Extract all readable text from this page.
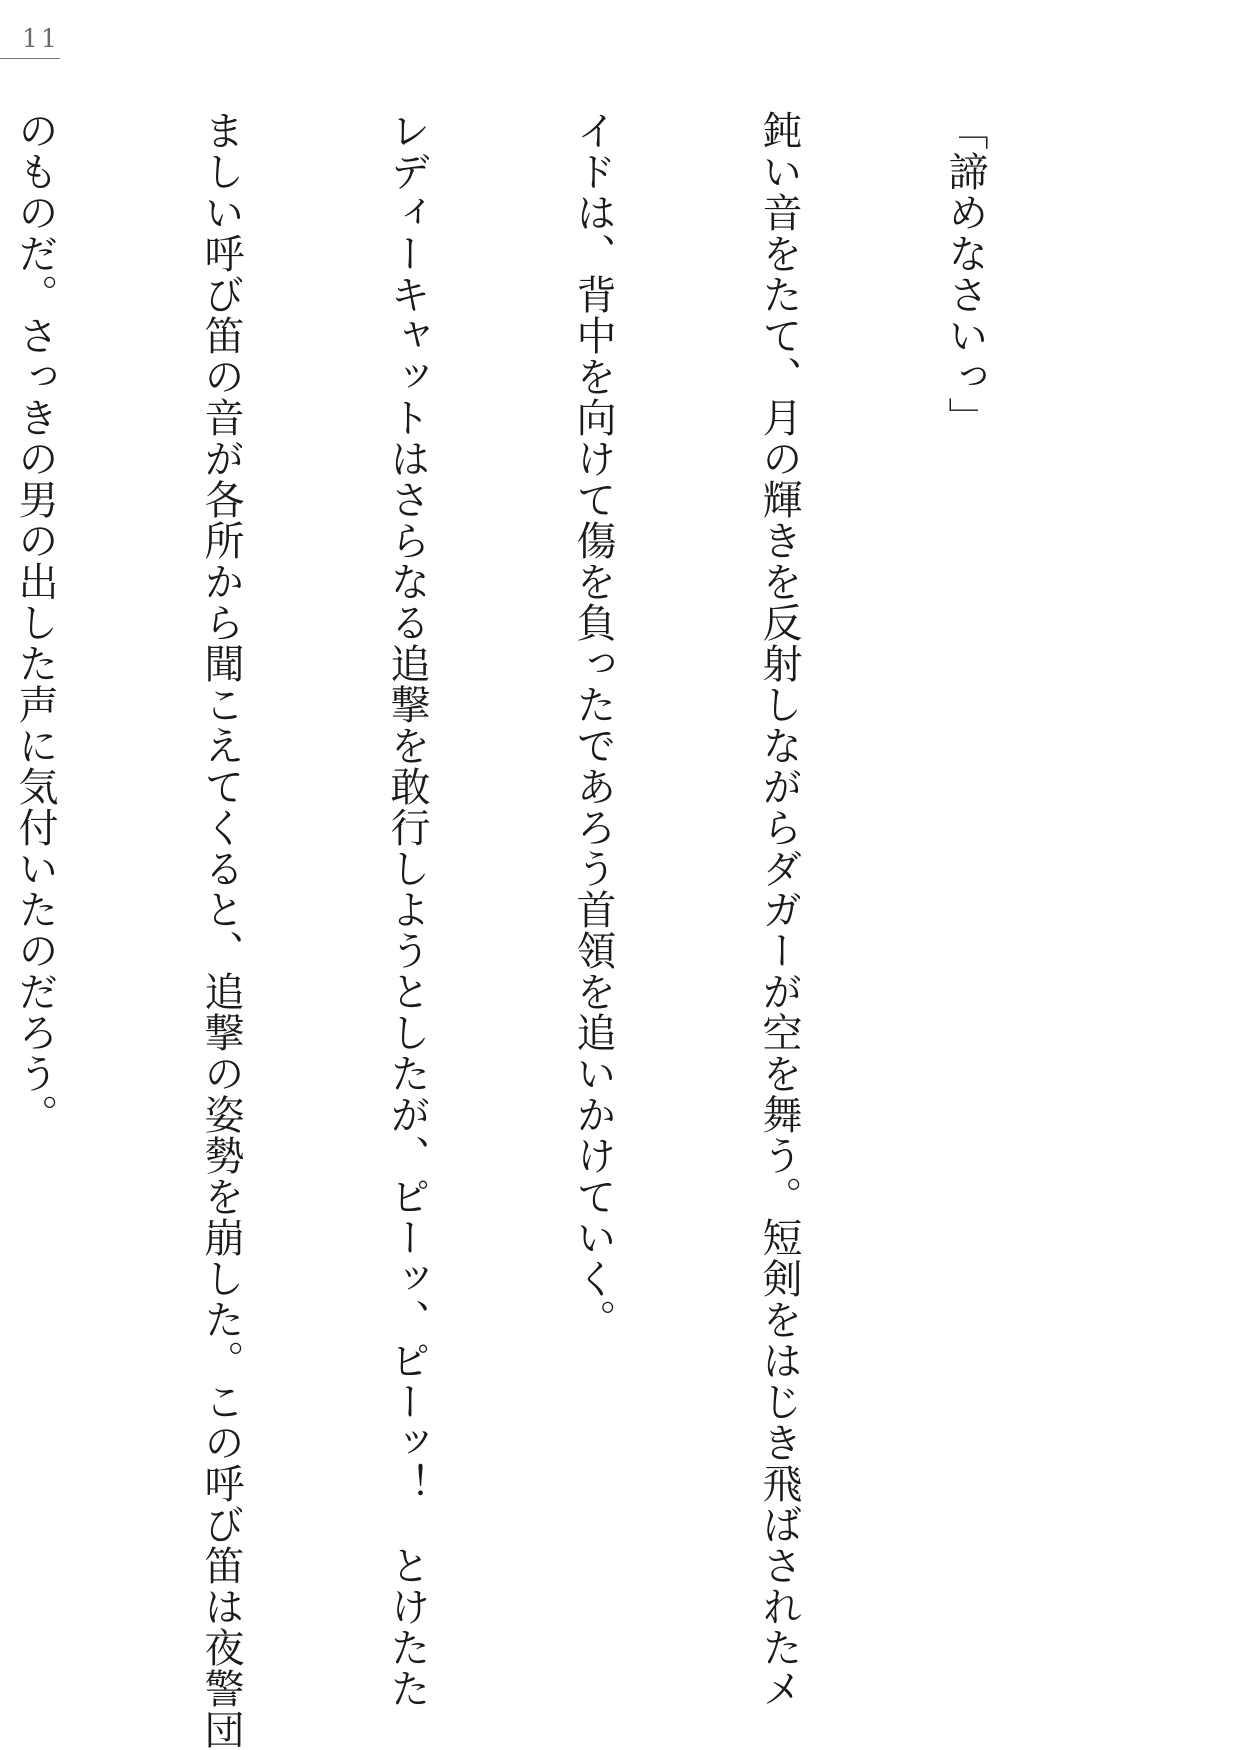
11

「諦めなさいっ」

鈍い音をたて、月の輝きを反射しながらダガーが空を舞う。短剣をはじき飛ばされたメ

イドは、背中を向けて傷を負ったであろう首領を追いかけていく。

レディーキャットはさらなる追撃を敢行しようとしたが、ピーッ、ピーッ！　とけたた

ましい呼び笛の音が各所から聞こえてくると、追撃の姿勢を崩した。この呼び笛は夜警団

のものだ。さっきの男の出した声に気付いたのだろう。
